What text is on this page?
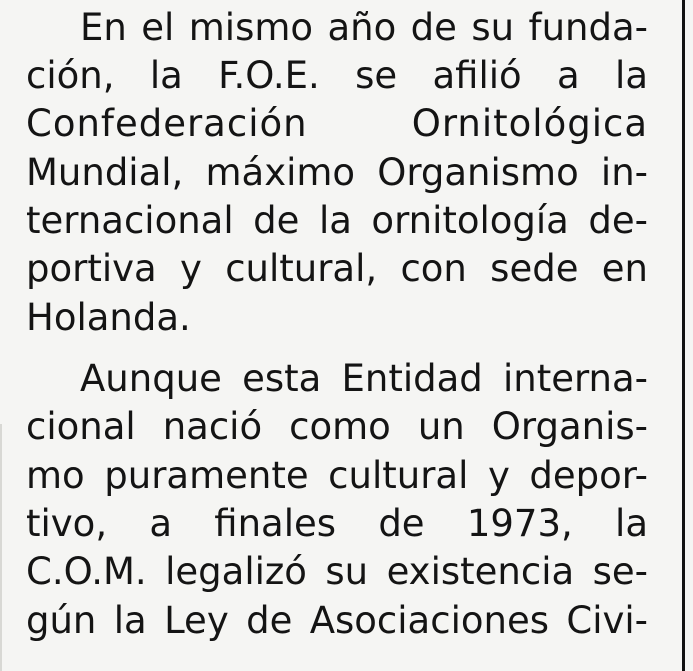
En el mismo año de su funda-
ción, la F.O.E. se afilió a la
Confederación Ornitológica
Mundial, máximo Organismo in-
ternacional de la ornitología de-
portiva y cultural, con sede en
Holanda.
Aunque esta Entidad interna-
cional nació como un Organis-
mo puramente cultural y depor-
tivo, a finales de 1973, la
C.O.M. legalizó su existencia se-
gún la Ley de Asociaciones Civi-
